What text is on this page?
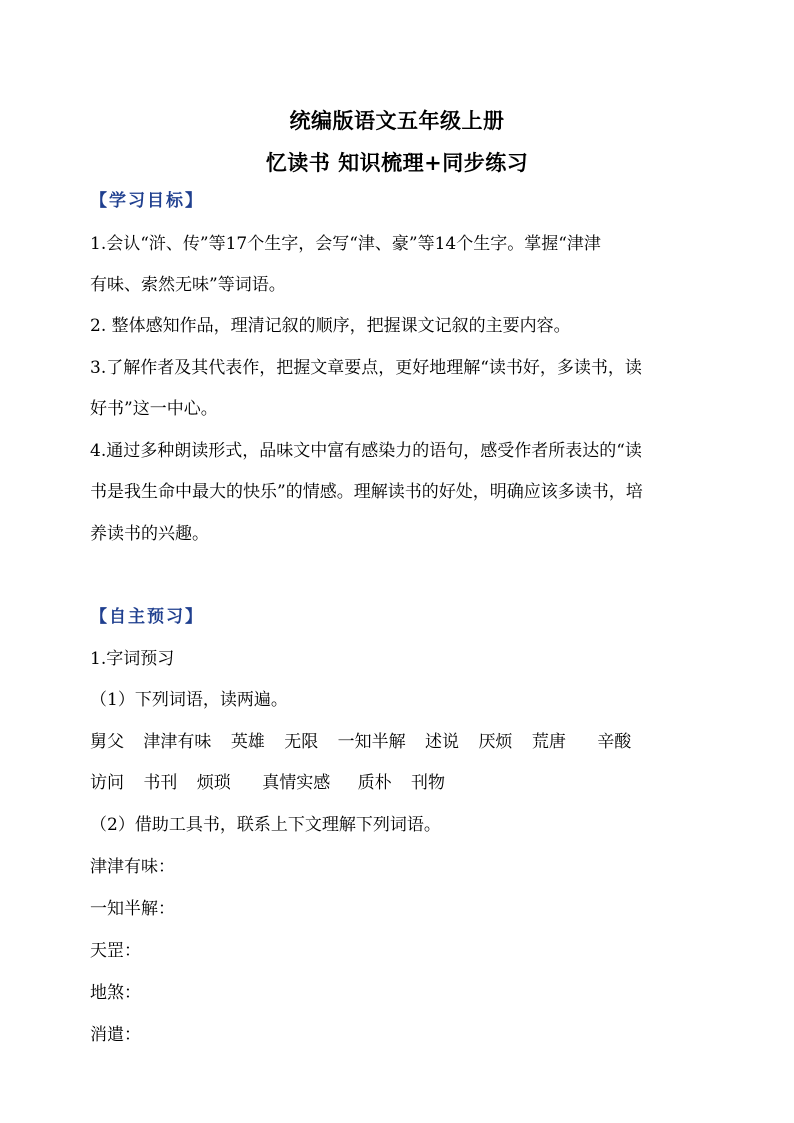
统编版语文五年级上册
忆读书 知识梳理+同步练习
【学习目标】
1.会认“浒、传”等17个生字，会写“津、豪”等14个生字。掌握“津津
有味、索然无味”等词语。
2. 整体感知作品，理清记叙的顺序，把握课文记叙的主要内容。
3.了解作者及其代表作，把握文章要点，更好地理解“读书好，多读书，读
好书”这一中心。
4.通过多种朗读形式，品味文中富有感染力的语句，感受作者所表达的“读
书是我生命中最大的快乐”的情感。理解读书的好处，明确应该多读书，培
养读书的兴趣。
【自主预习】
1.字词预习
（1）下列词语，读两遍。
舅父 津津有味 英雄 无限 一知半解 述说 厌烦 荒唐 辛酸
访问 书刊 烦琐 真情实感 质朴 刊物
（2）借助工具书，联系上下文理解下列词语。
津津有味：
一知半解：
天罡：
地煞：
消遣：
